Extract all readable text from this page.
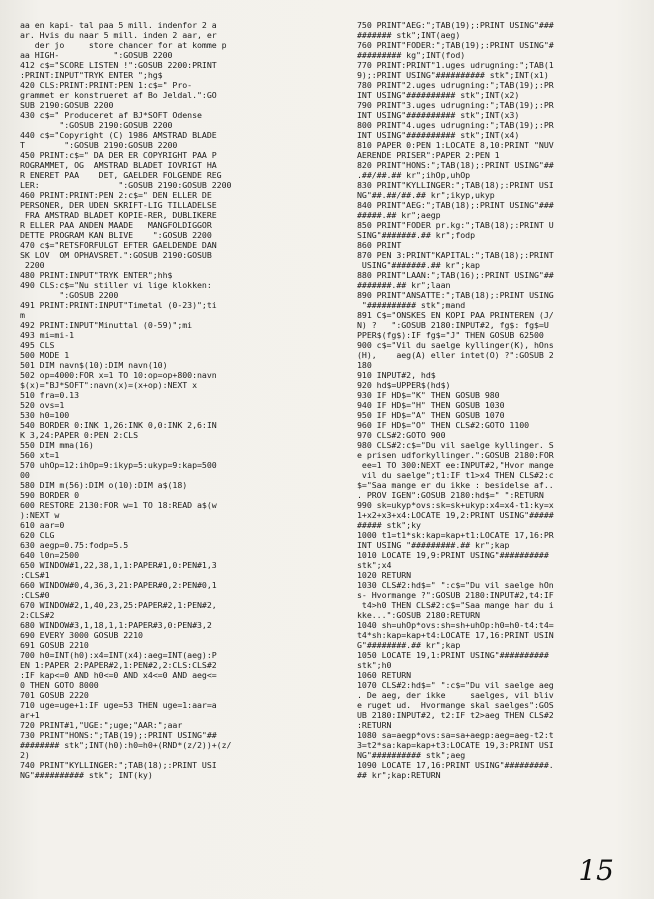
aa en kapi- tal paa 5 mill. indenfor 2 a
ar. Hvis du naar 5 mill. inden 2 aar, er
der jo     store chancer for at komme p
aa HIGH-           ":GOSUB 2200
412 c$="SCORE LISTEN !":GOSUB 2200:PRINT
:PRINT:INPUT"TRYK ENTER ";hg$
420 CLS:PRINT:PRINT:PEN 1:c$=" Pro-
grammet er konstrueret af Bo Jeldal.":GO
SUB 2190:GOSUB 2200
430 c$=" Produceret af BJ*SOFT Odense
":GOSUB 2190:GOSUB 2200
440 c$="Copyright (C) 1986 AMSTRAD BLADE
T        ":GOSUB 2190:GOSUB 2200
450 PRINT:c$=" DA DER ER COPYRIGHT PAA P
ROGRAMMET, OG  AMSTRAD BLADET IOVRIGT HA
R ENERET PAA    DET, GAELDER FOLGENDE REG
LER:                ":GOSUB 2190:GOSUB 2200
460 PRINT:PRINT:PEN 2:c$=" DEN ELLER DE
PERSONER, DER UDEN SKRIFT-LIG TILLADELSE
FRA AMSTRAD BLADET KOPIE-RER, DUBLIKERE
R ELLER PAA ANDEN MAADE   MANGFOLDIGGOR
DETTE PROGRAM KAN BLIVE    ":GOSUB 2200
470 c$="RETSFORFULGT EFTER GAELDENDE DAN
SK LOV  OM OPHAVSRET.":GOSUB 2190:GOSUB
2200
480 PRINT:INPUT"TRYK ENTER";hh$
490 CLS:c$="Nu stiller vi lige klokken:
":GOSUB 2200
491 PRINT:PRINT:INPUT"Timetal (0-23)";ti
m
492 PRINT:INPUT"Minuttal (0-59)";mi
493 mi=mi-1
495 CLS
500 MODE 1
501 DIM navn$(10):DIM navn(10)
502 op=4000:FOR x=1 TO 10:op=op+800:navn
$(x)="BJ*SOFT":navn(x)=(x+op):NEXT x
510 fra=0.13
520 ovs=1
530 h0=100
540 BORDER 0:INK 1,26:INK 0,0:INK 2,6:IN
K 3,24:PAPER 0:PEN 2:CLS
550 DIM mma(16)
560 xt=1
570 uhOp=12:ihOp=9:ikyp=5:ukyp=9:kap=500
00
580 DIM m(56):DIM o(10):DIM a$(18)
590 BORDER 0
600 RESTORE 2130:FOR w=1 TO 18:READ a$(w
):NEXT w
610 aar=0
620 CLG
630 aegp=0.75:fodp=5.5
640 l0n=2500
650 WINDOW#1,22,38,1,1:PAPER#1,0:PEN#1,3
:CLS#1
660 WINDOW#0,4,36,3,21:PAPER#0,2:PEN#0,1
:CLS#0
670 WINDOW#2,1,40,23,25:PAPER#2,1:PEN#2,
2:CLS#2
680 WINDOW#3,1,18,1,1:PAPER#3,0:PEN#3,2
690 EVERY 3000 GOSUB 2210
691 GOSUB 2210
700 h0=INT(h0):x4=INT(x4):aeg=INT(aeg):P
EN 1:PAPER 2:PAPER#2,1:PEN#2,2:CLS:CLS#2
:IF kap<=0 AND h0<=0 AND x4<=0 AND aeg<=
0 THEN GOTO 8000
701 GOSUB 2220
710 uge=uge+1:IF uge=53 THEN uge=1:aar=a
ar+1
720 PRINT#1,"UGE:";uge;"AAR:";aar
730 PRINT"HONS:";TAB(19);:PRINT USING"##
######## stk";INT(h0):h0=h0+(RND*(z/2))+(z/
2)
740 PRINT"KYLLINGER:";TAB(18);:PRINT USI
NG"########## stk"; INT(ky)
750 PRINT"AEG:";TAB(19);:PRINT USING"###
####### stk";INT(aeg)
760 PRINT"FODER:";TAB(19);:PRINT USING"#
######### kg";INT(fod)
770 PRINT:PRINT"1.uges udrugning:";TAB(1
9);:PRINT USING"########## stk";INT(x1)
780 PRINT"2.uges udrugning:";TAB(19);:PR
INT USING"########## stk";INT(x2)
790 PRINT"3.uges udrugning:";TAB(19);:PR
INT USING"########## stk";INT(x3)
800 PRINT"4.uges udrugning:";TAB(19);:PR
INT USING"########## stk";INT(x4)
810 PAPER 0:PEN 1:LOCATE 8,10:PRINT "NUV
AERENDE PRISER":PAPER 2:PEN 1
820 PRINT"HONS:";TAB(18);:PRINT USING"##
.##/##.## kr";ihOp,uhOp
830 PRINT"KYLLINGER:";TAB(18);:PRINT USI
NG"##.##/##.## kr";ikyp,ukyp
840 PRINT"AEG:";TAB(18);:PRINT USING"###
#####.## kr";aegp
850 PRINT"FODER pr.kg:";TAB(18);:PRINT U
SING"#######.## kr";fodp
860 PRINT
870 PEN 3:PRINT"KAPITAL:";TAB(18);:PRINT
USING"#######.## kr";kap
880 PRINT"LAAN:";TAB(16);:PRINT USING"##
#######.## kr";laan
890 PRINT"ANSATTE:";TAB(18);:PRINT USING
"########## stk";mand
891 C$="ONSKES EN KOPI PAA PRINTEREN (J/
N) ?   ":GOSUB 2180:INPUT#2, fg$: fg$=U
PPER$(fg$):IF fg$="J" THEN GOSUB 62500
900 c$="Vil du saelge kyllinger(K), hOns
(H),    aeg(A) eller intet(O) ?":GOSUB 2
180
910 INPUT#2, hd$
920 hd$=UPPER$(hd$)
930 IF HD$="K" THEN GOSUB 980
940 IF HD$="H" THEN GOSUB 1030
950 IF HD$="A" THEN GOSUB 1070
960 IF HD$="O" THEN CLS#2:GOTO 1100
970 CLS#2:GOTO 900
980 CLS#2:c$="Du vil saelge kyllinger. S
e prisen udforkyllinger.":GOSUB 2180:FOR
ee=1 TO 300:NEXT ee:INPUT#2,"Hvor mange
vil du saelge";t1:IF t1>x4 THEN CLS#2:c
$="Saa mange er du ikke : besidelse af..
. PROV IGEN":GOSUB 2180:hd$=" ":RETURN
990 sk=ukyp*ovs:sk=sk+ukyp:x4=x4-t1:ky=x
1+x2+x3+x4:LOCATE 19,2:PRINT USING"#####
##### stk";ky
1000 t1=t1*sk:kap=kap+t1:LOCATE 17,16:PR
INT USING "#########.## kr";kap
1010 LOCATE 19,9:PRINT USING"##########
stk";x4
1020 RETURN
1030 CLS#2:hd$=" ":c$="Du vil saelge hOn
s- Hvormange ?":GOSUB 2180:INPUT#2,t4:IF
t4>h0 THEN CLS#2:c$="Saa mange har du i
kke...":GOSUB 2180:RETURN
1040 sh=uhOp*ovs:sh=sh+uhOp:h0=h0-t4:t4=
t4*sh:kap=kap+t4:LOCATE 17,16:PRINT USIN
G"########.## kr";kap
1050 LOCATE 19,1:PRINT USING"##########
stk";h0
1060 RETURN
1070 CLS#2:hd$=" ":c$="Du vil saelge aeg
. De aeg, der ikke     saelges, vil bliv
e ruget ud.  Hvormange skal saelges":GOS
UB 2180:INPUT#2, t2:IF t2>aeg THEN CLS#2
:RETURN
1080 sa=aegp*ovs:sa=sa+aegp:aeg=aeg-t2:t
3=t2*sa:kap=kap+t3:LOCATE 19,3:PRINT USI
NG"########## stk";aeg
1090 LOCATE 17,16:PRINT USING"#########.
## kr";kap:RETURN
15
